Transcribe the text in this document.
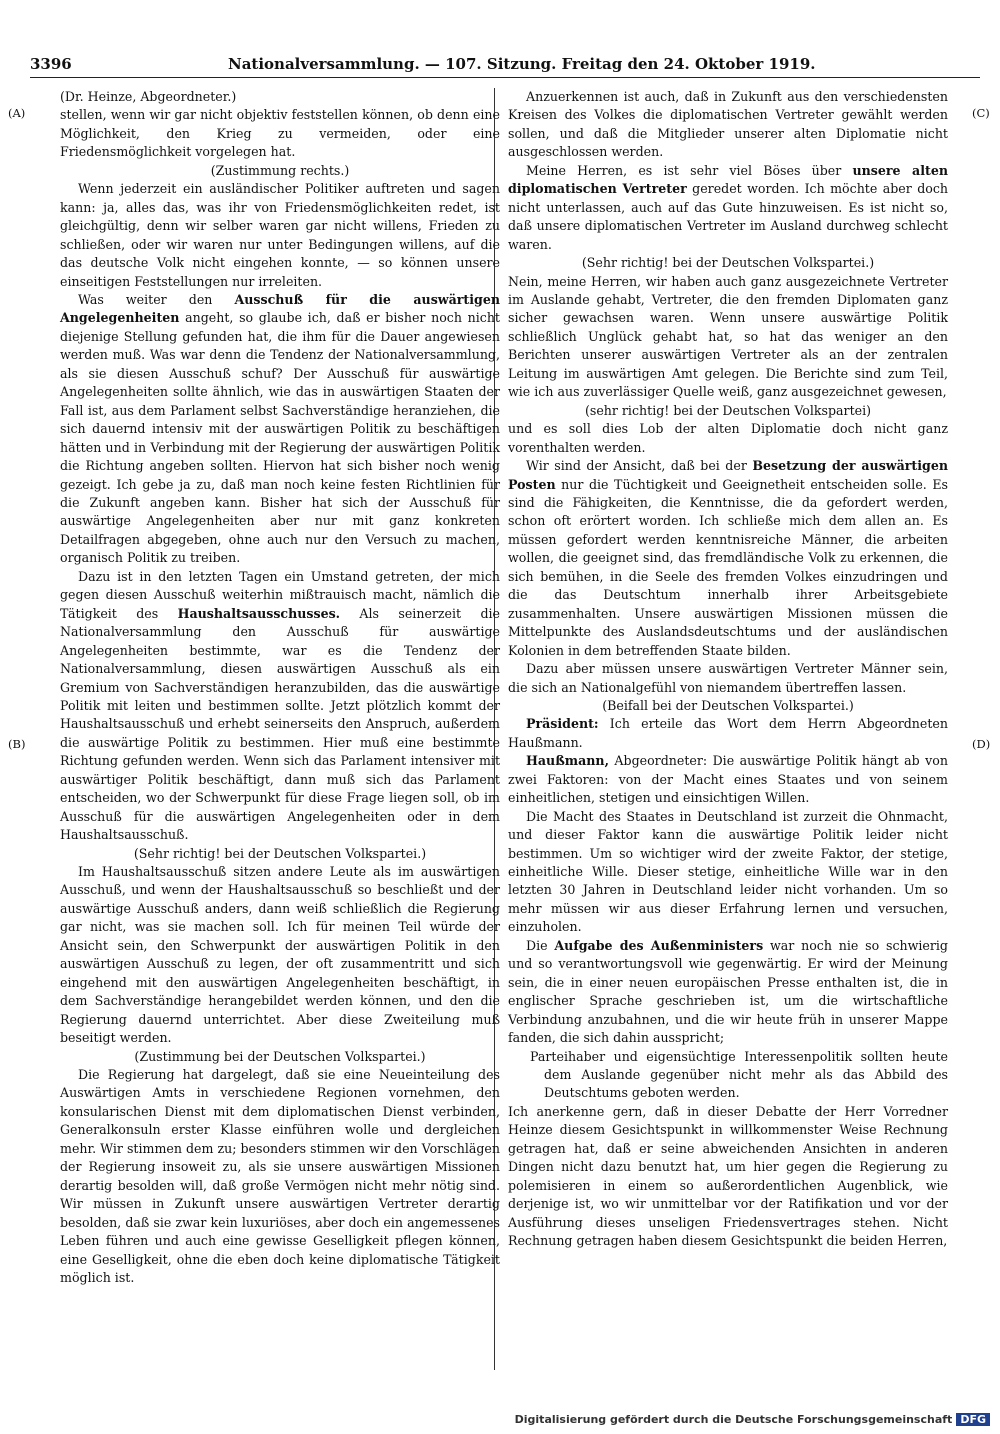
3396	Nationalversammlung. — 107. Sitzung. Freitag den 24. Oktober 1919.
(A)
(B)
(C)
(D)

(Dr. Heinze, Abgeordneter.)

stellen, wenn wir gar nicht objektiv feststellen können, ob denn eine Möglichkeit, den Krieg zu vermeiden, oder eine Friedensmöglichkeit vorgelegen hat.

(Zustimmung rechts.)

Wenn jederzeit ein ausländischer Politiker auftreten und sagen kann: ja, alles das, was ihr von Friedensmöglichkeiten redet, ist gleichgültig, denn wir selber waren gar nicht willens, Frieden zu schließen, oder wir waren nur unter Bedingungen willens, auf die das deutsche Volk nicht eingehen konnte, — so können unsere einseitigen Feststellungen nur irreleiten.

Was weiter den Ausschuß für die auswärtigen Angelegenheiten angeht, so glaube ich, daß er bisher noch nicht diejenige Stellung gefunden hat, die ihm für die Dauer angewiesen werden muß. Was war denn die Tendenz der Nationalversammlung, als sie diesen Ausschuß schuf? Der Ausschuß für auswärtige Angelegenheiten sollte ähnlich, wie das in auswärtigen Staaten der Fall ist, aus dem Parlament selbst Sachverständige heranziehen, die sich dauernd intensiv mit der auswärtigen Politik zu beschäftigen hätten und in Verbindung mit der Regierung der auswärtigen Politik die Richtung angeben sollten. Hiervon hat sich bisher noch wenig gezeigt. Ich gebe ja zu, daß man noch keine festen Richtlinien für die Zukunft angeben kann. Bisher hat sich der Ausschuß für auswärtige Angelegenheiten aber nur mit ganz konkreten Detailfragen abgegeben, ohne auch nur den Versuch zu machen, organisch Politik zu treiben.

Dazu ist in den letzten Tagen ein Umstand getreten, der mich gegen diesen Ausschuß weiterhin mißtrauisch macht, nämlich die Tätigkeit des Haushaltsausschusses. Als seinerzeit die Nationalversammlung den Ausschuß für auswärtige Angelegenheiten bestimmte, war es die Tendenz der Nationalversammlung, diesen auswärtigen Ausschuß als ein Gremium von Sachverständigen heranzubilden, das die auswärtige Politik mit leiten und bestimmen sollte. Jetzt plötzlich kommt der Haushaltsausschuß und erhebt seinerseits den Anspruch, außerdem die auswärtige Politik zu bestimmen. Hier muß eine bestimmte Richtung gefunden werden. Wenn sich das Parlament intensiver mit auswärtiger Politik beschäftigt, dann muß sich das Parlament entscheiden, wo der Schwerpunkt für diese Frage liegen soll, ob im Ausschuß für die auswärtigen Angelegenheiten oder in dem Haushaltsausschuß.

(Sehr richtig! bei der Deutschen Volkspartei.)

Im Haushaltsausschuß sitzen andere Leute als im auswärtigen Ausschuß, und wenn der Haushaltsausschuß so beschließt und der auswärtige Ausschuß anders, dann weiß schließlich die Regierung gar nicht, was sie machen soll. Ich für meinen Teil würde der Ansicht sein, den Schwerpunkt der auswärtigen Politik in den auswärtigen Ausschuß zu legen, der oft zusammentritt und sich eingehend mit den auswärtigen Angelegenheiten beschäftigt, in dem Sachverständige herangebildet werden können, und den die Regierung dauernd unterrichtet. Aber diese Zweiteilung muß beseitigt werden.

(Zustimmung bei der Deutschen Volkspartei.)

Die Regierung hat dargelegt, daß sie eine Neueinteilung des Auswärtigen Amts in verschiedene Regionen vornehmen, den konsularischen Dienst mit dem diplomatischen Dienst verbinden, Generalkonsuln erster Klasse einführen wolle und dergleichen mehr. Wir stimmen dem zu; besonders stimmen wir den Vorschlägen der Regierung insoweit zu, als sie unsere auswärtigen Missionen derartig besolden will, daß große Vermögen nicht mehr nötig sind. Wir müssen in Zukunft unsere auswärtigen Vertreter derartig besolden, daß sie zwar kein luxuriöses, aber doch ein angemessenes Leben führen und auch eine gewisse Geselligkeit pflegen können, eine Geselligkeit, ohne die eben doch keine diplomatische Tätigkeit möglich ist.

Anzuerkennen ist auch, daß in Zukunft aus den verschiedensten Kreisen des Volkes die diplomatischen Vertreter gewählt werden sollen, und daß die Mitglieder unserer alten Diplomatie nicht ausgeschlossen werden.

Meine Herren, es ist sehr viel Böses über unsere alten diplomatischen Vertreter geredet worden. Ich möchte aber doch nicht unterlassen, auch auf das Gute hinzuweisen. Es ist nicht so, daß unsere diplomatischen Vertreter im Ausland durchweg schlecht waren.

(Sehr richtig! bei der Deutschen Volkspartei.)

Nein, meine Herren, wir haben auch ganz ausgezeichnete Vertreter im Auslande gehabt, Vertreter, die den fremden Diplomaten ganz sicher gewachsen waren. Wenn unsere auswärtige Politik schließlich Unglück gehabt hat, so hat das weniger an den Berichten unserer auswärtigen Vertreter als an der zentralen Leitung im auswärtigen Amt gelegen. Die Berichte sind zum Teil, wie ich aus zuverlässiger Quelle weiß, ganz ausgezeichnet gewesen,

(sehr richtig! bei der Deutschen Volkspartei)

und es soll dies Lob der alten Diplomatie doch nicht ganz vorenthalten werden.

Wir sind der Ansicht, daß bei der Besetzung der auswärtigen Posten nur die Tüchtigkeit und Geeignetheit entscheiden solle. Es sind die Fähigkeiten, die Kenntnisse, die da gefordert werden, schon oft erörtert worden. Ich schließe mich dem allen an. Es müssen gefordert werden kenntnisreiche Männer, die arbeiten wollen, die geeignet sind, das fremdländische Volk zu erkennen, die sich bemühen, in die Seele des fremden Volkes einzudringen und die das Deutschtum innerhalb ihrer Arbeitsgebiete zusammenhalten. Unsere auswärtigen Missionen müssen die Mittelpunkte des Auslandsdeutschtums und der ausländischen Kolonien in dem betreffenden Staate bilden.

Dazu aber müssen unsere auswärtigen Vertreter Männer sein, die sich an Nationalgefühl von niemandem übertreffen lassen.

(Beifall bei der Deutschen Volkspartei.)

Präsident: Ich erteile das Wort dem Herrn Abgeordneten Haußmann.

Haußmann, Abgeordneter: Die auswärtige Politik hängt ab von zwei Faktoren: von der Macht eines Staates und von seinem einheitlichen, stetigen und einsichtigen Willen.

Die Macht des Staates in Deutschland ist zurzeit die Ohnmacht, und dieser Faktor kann die auswärtige Politik leider nicht bestimmen. Um so wichtiger wird der zweite Faktor, der stetige, einheitliche Wille. Dieser stetige, einheitliche Wille war in den letzten 30 Jahren in Deutschland leider nicht vorhanden. Um so mehr müssen wir aus dieser Erfahrung lernen und versuchen, einzuholen.

Die Aufgabe des Außenministers war noch nie so schwierig und so verantwortungsvoll wie gegenwärtig. Er wird der Meinung sein, die in einer neuen europäischen Presse enthalten ist, die in englischer Sprache geschrieben ist, um die wirtschaftliche Verbindung anzubahnen, und die wir heute früh in unserer Mappe fanden, die sich dahin ausspricht;

Parteihaber und eigensüchtige Interessenpolitik sollten heute dem Auslande gegenüber nicht mehr als das Abbild des Deutschtums geboten werden.

Ich anerkenne gern, daß in dieser Debatte der Herr Vorredner Heinze diesem Gesichtspunkt in willkommenster Weise Rechnung getragen hat, daß er seine abweichenden Ansichten in anderen Dingen nicht dazu benutzt hat, um hier gegen die Regierung zu polemisieren in einem so außerordentlichen Augenblick, wie derjenige ist, wo wir unmittelbar vor der Ratifikation und vor der Ausführung dieses unseligen Friedensvertrages stehen. Nicht Rechnung getragen haben diesem Gesichtspunkt die beiden Herren,

Digitalisierung gefördert durch die Deutsche Forschungsgemeinschaft DFG
